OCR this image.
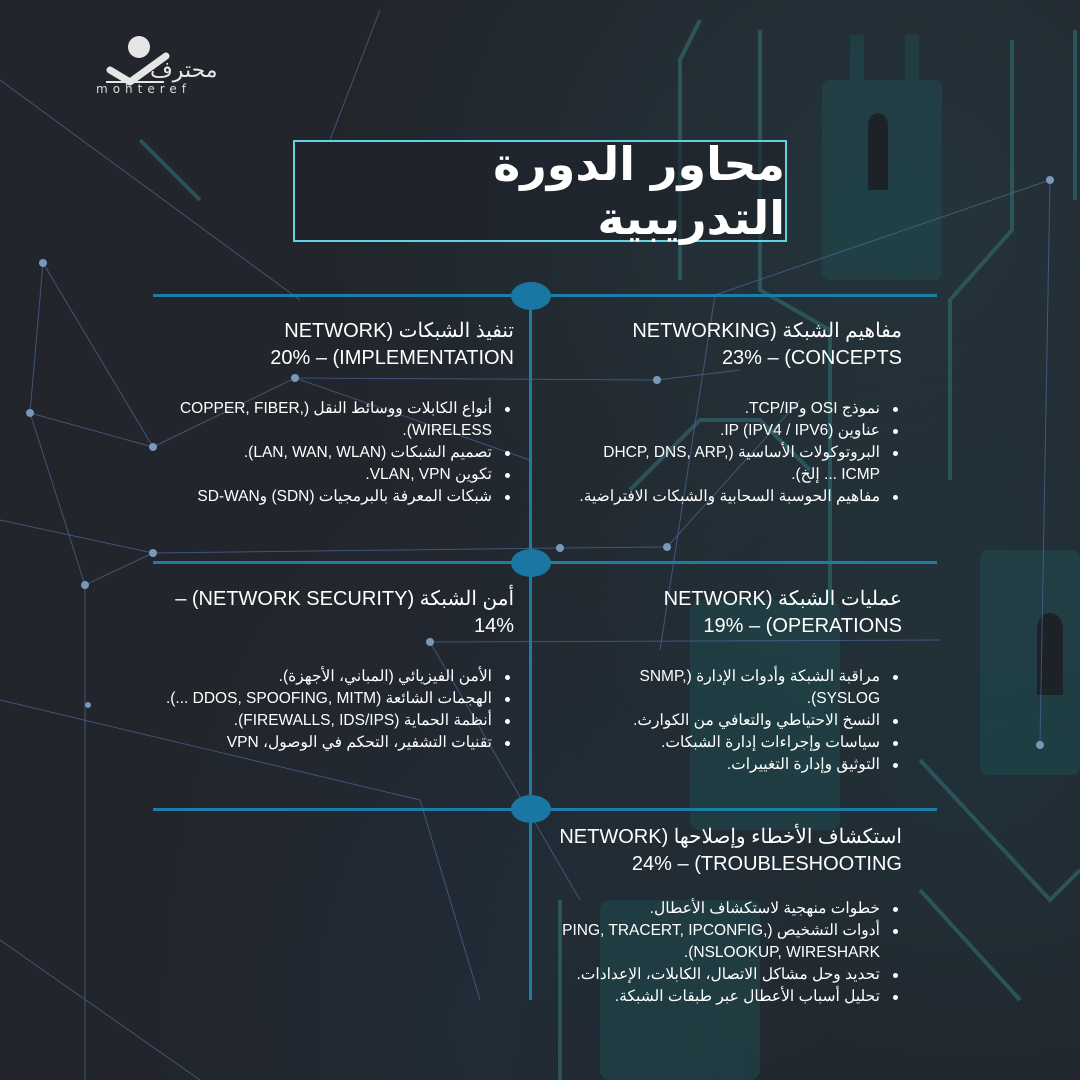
محترف
mohteref
محاور الدورة التدريبية
مفاهيم الشبكة (NETWORKING CONCEPTS) – 23%
نموذج OSI وTCP/IP.
عناوين IP (IPV4 / IPV6).
البروتوكولات الأساسية (DHCP, DNS, ARP, ICMP ... إلخ).
مفاهيم الحوسبة السحابية والشبكات الافتراضية.
تنفيذ الشبكات (NETWORK IMPLEMENTATION) – 20%
أنواع الكابلات ووسائط النقل (COPPER, FIBER, WIRELESS).
تصميم الشبكات (LAN, WAN, WLAN).
تكوين VLAN, VPN.
شبكات المعرفة بالبرمجيات (SDN) وSD-WAN
عمليات الشبكة (NETWORK OPERATIONS) – 19%
مراقبة الشبكة وأدوات الإدارة (SNMP, SYSLOG).
النسخ الاحتياطي والتعافي من الكوارث.
سياسات وإجراءات إدارة الشبكات.
التوثيق وإدارة التغييرات.
أمن الشبكة (NETWORK SECURITY) – 14%
الأمن الفيزيائي (المباني، الأجهزة).
الهجمات الشائعة (DDOS, SPOOFING, MITM ...).
أنظمة الحماية (FIREWALLS, IDS/IPS).
تقنيات التشفير، التحكم في الوصول، VPN
استكشاف الأخطاء وإصلاحها (NETWORK TROUBLESHOOTING) – 24%
خطوات منهجية لاستكشاف الأعطال.
أدوات التشخيص (PING, TRACERT, IPCONFIG, NSLOOKUP, WIRESHARK).
تحديد وحل مشاكل الاتصال، الكابلات، الإعدادات.
تحليل أسباب الأعطال عبر طبقات الشبكة.
